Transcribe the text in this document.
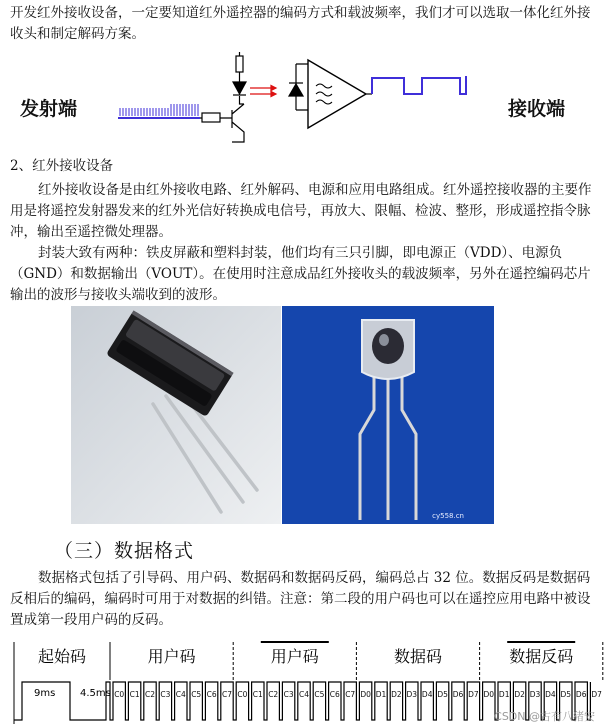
开发红外接收设备，一定要知道红外遥控器的编码方式和载波频率，我们才可以选取一体化红外接收头和制定解码方案。

发射端	接收端

2、红外接收设备

红外接收设备是由红外接收电路、红外解码、电源和应用电路组成。红外遥控接收器的主要作用是将遥控发射器发来的红外光信好转换成电信号，再放大、限幅、检波、整形，形成遥控指令脉冲，输出至遥控微处理器。

封装大致有两种：铁皮屏蔽和塑料封装，他们均有三只引脚，即电源正（VDD）、电源负（GND）和数据输出（VOUT）。在使用时注意成品红外接收头的载波频率，另外在遥控编码芯片输出的波形与接收头端收到的波形。

cy558.cn
（三）数据格式

数据格式包括了引导码、用户码、数据码和数据码反码，编码总占 32 位。数据反码是数据码反相后的编码，编码时可用于对数据的纠错。注意：第二段的用户码也可以在遥控应用电路中被设置成第一段用户码的反码。

起始码	用户码	用户码	数据码	数据反码
C0 C1 C2 C3 C4 C5 C6 C7 C0 C1 C2 C3 C4 C5 C6 C7 D0 D1 D2 D3 D4 D5 D6 D7 D0 D1 D2 D3 D4 D5 D6 D7
9ms 4.5ms
CSDN @古有八猪安
